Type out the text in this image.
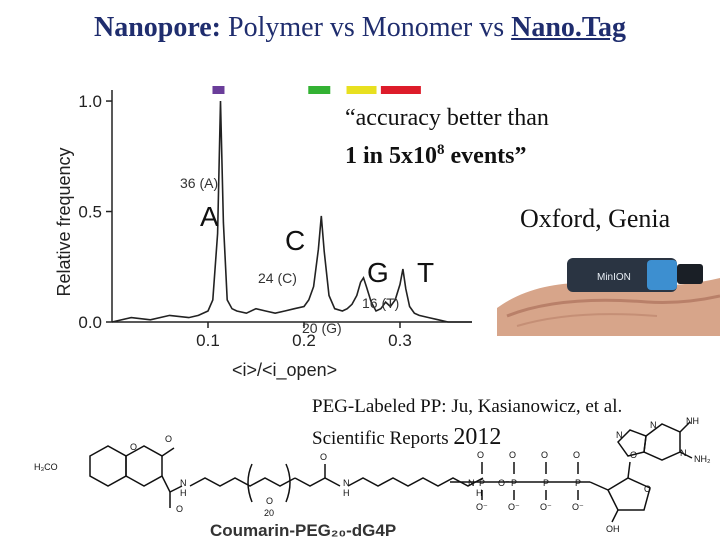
Nanopore: Polymer vs Monomer vs Nano.Tag
0.1	0.2	0.3
0.0
0.5
1.0
36 (A)
A
24 (C)
C
20 (G)
G
16 (T)
T
Relative frequency
<i>/<i_open>
“accuracy better than
1 in $5x10^8$ events”
Oxford, Genia
MinION
PEG-Labeled PP: Ju, Kasianowicz, et al.
Scientific Reports 2012
H₃CO
O
O
O
N
H
O
O
20
N
H
N
H
P	P	P	P
O	O	O	O
O⁻ O⁻ O⁻ O⁻
O⁻
O
N
N
N
NH
NH₂
O
OH
Coumarin-PEG₂₀-dG4P
